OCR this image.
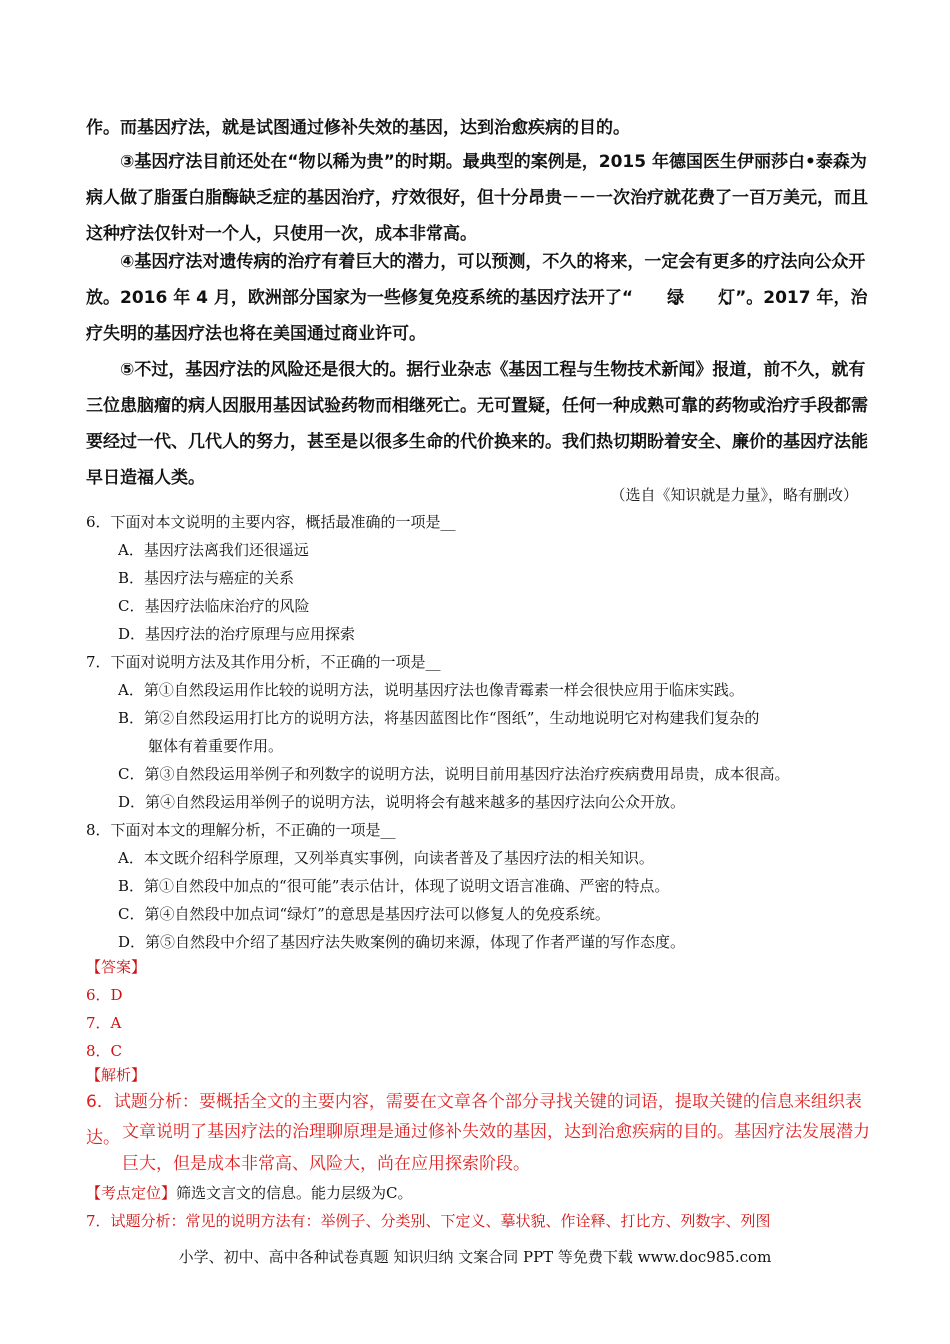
作。而基因疗法，就是试图通过修补失效的基因，达到治愈疾病的目的。

③基因疗法目前还处在“物以稀为贵”的时期。最典型的案例是，2015 年德国医生伊丽莎白•泰森为病人做了脂蛋白脂酶缺乏症的基因治疗，疗效很好，但十分昂贵－－一次治疗就花费了一百万美元，而且这种疗法仅针对一个人，只使用一次，成本非常高。

④基因疗法对遗传病的治疗有着巨大的潜力，可以预测，不久的将来，一定会有更多的疗法向公众开放。2016 年 4 月，欧洲部分国家为一些修复免疫系统的基因疗法开了“ 绿 • 灯 •”。2017 年，治疗失明的基因疗法也将在美国通过商业许可。

⑤不过，基因疗法的风险还是很大的。据行业杂志《基因工程与生物技术新闻》报道，前不久，就有三位患脑瘤的病人因服用基因试验药物而相继死亡。无可置疑，任何一种成熟可靠的药物或治疗手段都需要经过一代、几代人的努力，甚至是以很多生命的代价换来的。我们热切期盼着安全、廉价的基因疗法能早日造福人类。

（选自《知识就是力量》，略有删改）
6．下面对本文说明的主要内容，概括最准确的一项是__
A．基因疗法离我们还很遥远
B．基因疗法与癌症的关系
C．基因疗法临床治疗的风险
D．基因疗法的治疗原理与应用探索
7．下面对说明方法及其作用分析，不正确的一项是__
A．第①自然段运用作比较的说明方法，说明基因疗法也像青霉素一样会很快应用于临床实践。
B．第②自然段运用打比方的说明方法，将基因蓝图比作“图纸”，生动地说明它对构建我们复杂的
躯体有着重要作用。
C．第③自然段运用举例子和列数字的说明方法，说明目前用基因疗法治疗疾病费用昂贵，成本很高。
D．第④自然段运用举例子的说明方法，说明将会有越来越多的基因疗法向公众开放。
8．下面对本文的理解分析，不正确的一项是__
A．本文既介绍科学原理，又列举真实事例，向读者普及了基因疗法的相关知识。
B．第①自然段中加点的“很可能”表示估计，体现了说明文语言准确、严密的特点。
C．第④自然段中加点词“绿灯”的意思是基因疗法可以修复人的免疫系统。
D．第⑤自然段中介绍了基因疗法失败案例的确切来源，体现了作者严谨的写作态度。
【答案】
6．D
7．A
8．C
【解析】
6．试题分析：要概括全文的主要内容，需要在文章各个部分寻找关键的词语，提取关键的信息来组织表达。 文章说明了基因疗法的治理聊原理是通过修补失效的基因，达到治愈疾病的目的。基因疗法发展潜力
巨大，但是成本非常高、风险大，尚在应用探索阶段。
【考点定位】筛选文言文的信息。能力层级为C。
7．试题分析：常见的说明方法有：举例子、分类别、下定义、摹状貌、作诠释、打比方、列数字、列图
小学、初中、高中各种试卷真题 知识归纳 文案合同 PPT 等免费下载 www.doc985.com
